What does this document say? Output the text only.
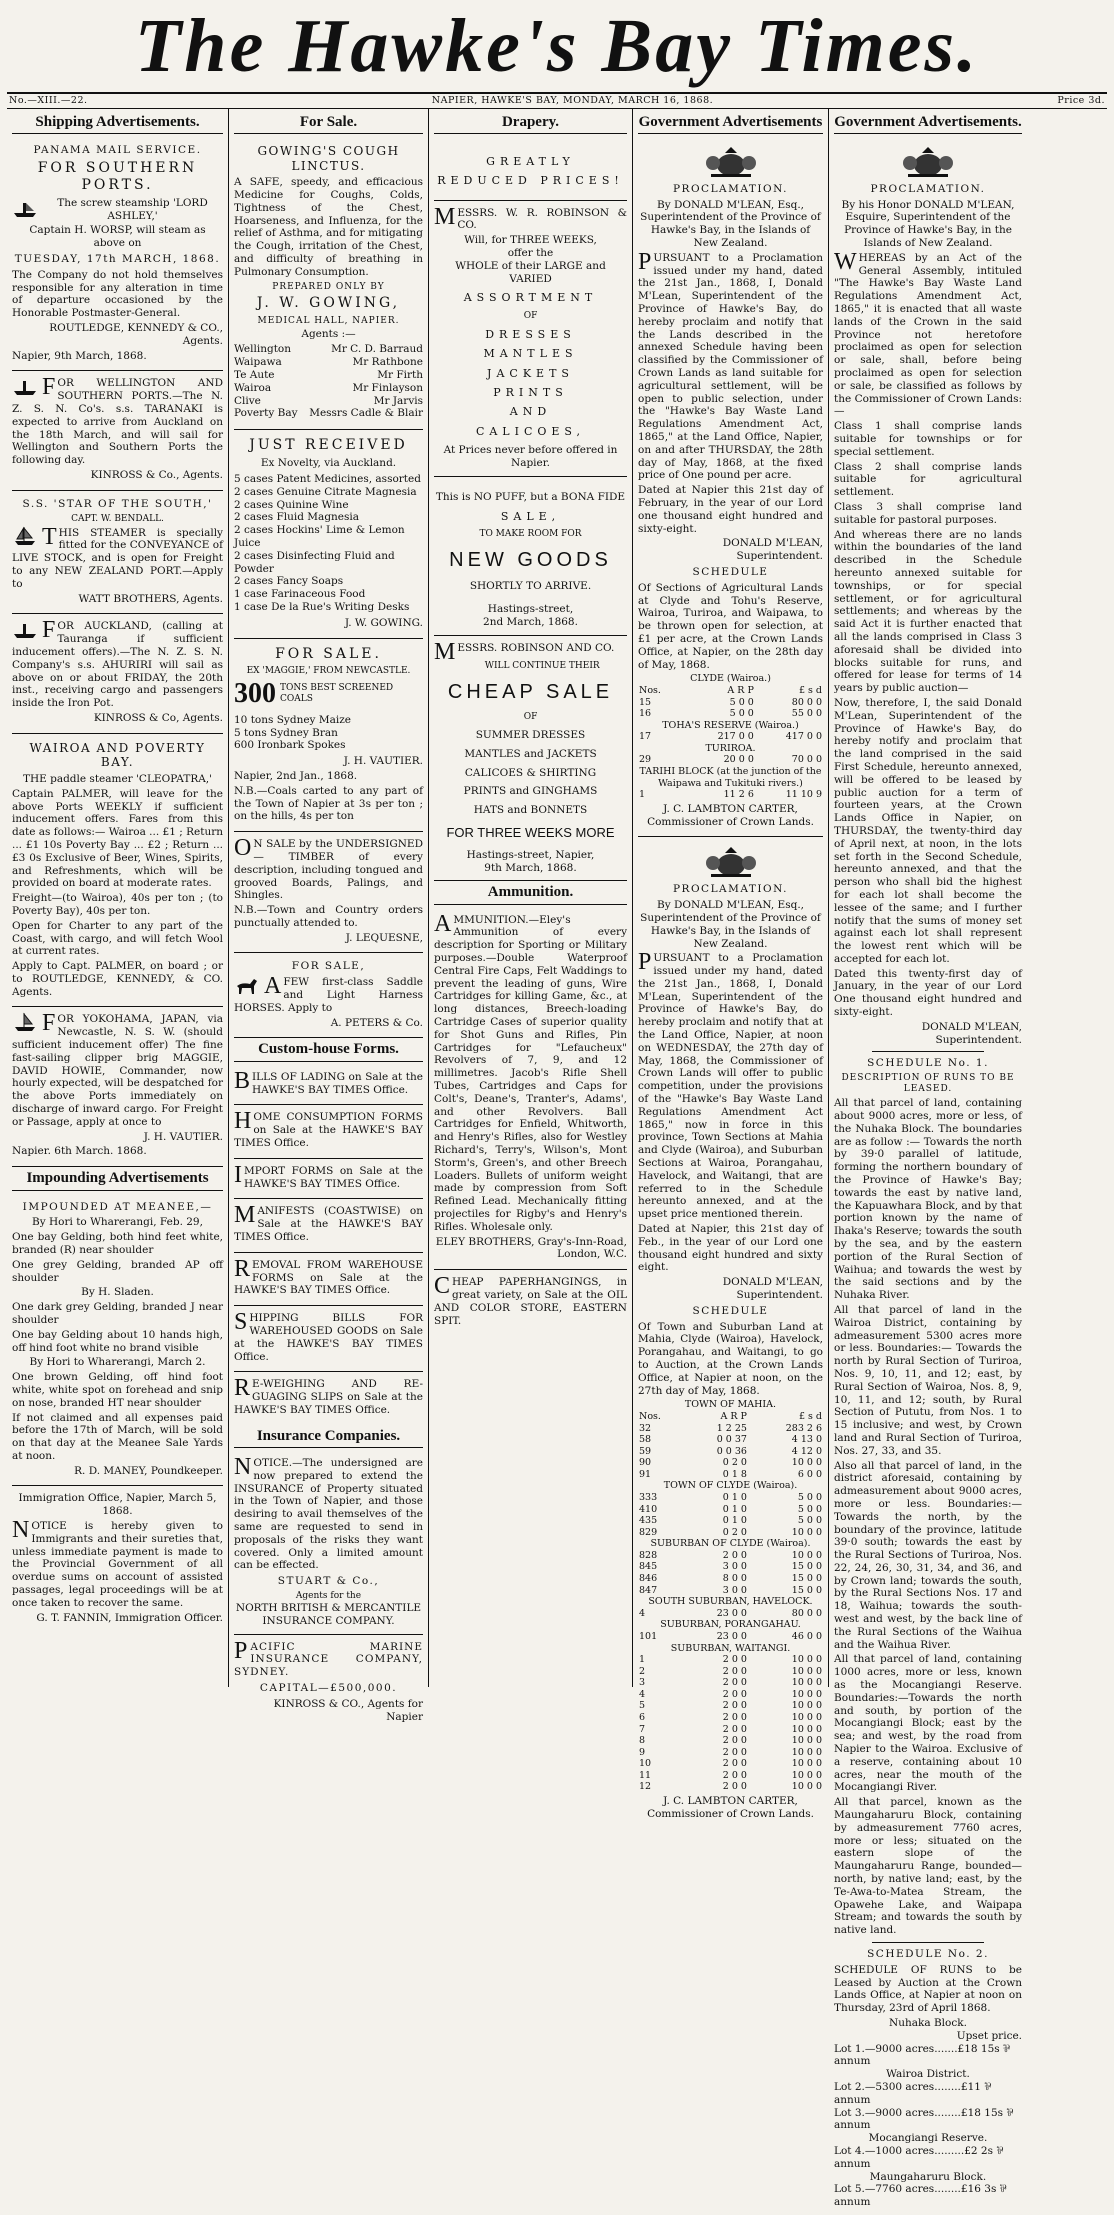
The Hawke's Bay Times.
No.—XIII.—22.	NAPIER, HAWKE'S BAY, MONDAY, MARCH 16, 1868.	Price 3d.
Shipping Advertisements.
PANAMA MAIL SERVICE.
FOR SOUTHERN PORTS.

The screw steamship 'LORD ASHLEY,'

Captain H. WORSP, will steam as above on

TUESDAY, 17th MARCH, 1868.

The Company do not hold themselves responsible for any alteration in time of departure occasioned by the Honorable Postmaster-General.

ROUTLEDGE, KENNEDY & CO., Agents.

Napier, 9th March, 1868.

FOR WELLINGTON AND SOUTHERN PORTS.—The N. Z. S. N. Co's. s.s. TARANAKI is expected to arrive from Auckland on the 18th March, and will sail for Wellington and Southern Ports the following day.

KINROSS & Co., Agents.

S.S. 'STAR OF THE SOUTH,'
CAPT. W. BENDALL.

THIS STEAMER is specially fitted for the CONVEYANCE of LIVE STOCK, and is open for Freight to any NEW ZEALAND PORT.—Apply to

WATT BROTHERS, Agents.

FOR AUCKLAND, (calling at Tauranga if sufficient inducement offers).—The N. Z. S. N. Company's s.s. AHURIRI will sail as above on or about FRIDAY, the 20th inst., receiving cargo and passengers inside the Iron Pot.

KINROSS & Co, Agents.

WAIROA AND POVERTY BAY.

THE paddle steamer 'CLEOPATRA,'

Captain PALMER, will leave for the above Ports WEEKLY if sufficient inducement offers. Fares from this date as follows:— Wairoa ... £1 ; Return ... £1 10s Poverty Bay ... £2 ; Return ... £3 0s Exclusive of Beer, Wines, Spirits, and Refreshments, which will be provided on board at moderate rates.

Freight—(to Wairoa), 40s per ton ; (to Poverty Bay), 40s per ton.

Open for Charter to any part of the Coast, with cargo, and will fetch Wool at current rates.

Apply to Capt. PALMER, on board ; or to ROUTLEDGE, KENNEDY, & CO. Agents.

FOR YOKOHAMA, JAPAN, via Newcastle, N. S. W. (should sufficient inducement offer) The fine fast-sailing clipper brig MAGGIE, DAVID HOWIE, Commander, now hourly expected, will be despatched for the above Ports immediately on discharge of inward cargo. For Freight or Passage, apply at once to

J. H. VAUTIER.

Napier. 6th March. 1868.

Impounding Advertisements
IMPOUNDED AT MEANEE,—

By Hori to Wharerangi, Feb. 29,

One bay Gelding, both hind feet white, branded (R) near shoulder

One grey Gelding, branded AP off shoulder

By H. Sladen.

One dark grey Gelding, branded J near shoulder

One bay Gelding about 10 hands high, off hind foot white no brand visible

By Hori to Wharerangi, March 2.

One brown Gelding, off hind foot white, white spot on forehead and snip on nose, branded HT near shoulder

If not claimed and all expenses paid before the 17th of March, will be sold on that day at the Meanee Sale Yards at noon.

R. D. MANEY, Poundkeeper.

Immigration Office, Napier, March 5, 1868.

NOTICE is hereby given to Immigrants and their sureties that, unless immediate payment is made to the Provincial Government of all overdue sums on account of assisted passages, legal proceedings will be at once taken to recover the same.

G. T. FANNIN, Immigration Officer.

For Sale.
GOWING'S COUGH LINCTUS.

A SAFE, speedy, and efficacious Medicine for Coughs, Colds, Tightness of the Chest, Hoarseness, and Influenza, for the relief of Asthma, and for mitigating the Cough, irritation of the Chest, and difficulty of breathing in Pulmonary Consumption.

PREPARED ONLY BY
J. W. GOWING,
MEDICAL HALL, NAPIER.
Agents :—
Wellington	Mr C. D. Barraud
Waipawa	Mr Rathbone
Te Aute	Mr Firth
Wairoa	Mr Finlayson
Clive	Mr Jarvis
Poverty Bay Messrs Cadle & Blair
JUST RECEIVED
Ex Novelty, via Auckland.
5 cases Patent Medicines, assorted
2 cases Genuine Citrate Magnesia
2 cases Quinine Wine
2 cases Fluid Magnesia
2 cases Hockins' Lime & Lemon Juice
2 cases Disinfecting Fluid and Powder
2 cases Fancy Soaps
1 case Farinaceous Food
1 case De la Rue's Writing Desks

J. W. GOWING.

FOR SALE.
EX 'MAGGIE,' FROM NEWCASTLE.
300 TONS BEST SCREENED COALS
10 tons Sydney Maize
5 tons Sydney Bran
600 Ironbark Spokes

J. H. VAUTIER.

Napier, 2nd Jan., 1868.

N.B.—Coals carted to any part of the Town of Napier at 3s per ton ; on the hills, 4s per ton

ON SALE by the UNDERSIGNED— TIMBER of every description, including tongued and grooved Boards, Palings, and Shingles.

N.B.—Town and Country orders punctually attended to.

J. LEQUESNE,

FOR SALE,

AFEW first-class Saddle and Light Harness HORSES. Apply to

A. PETERS & Co.

Custom-house Forms.

BILLS OF LADING on Sale at the HAWKE'S BAY TIMES Office.

HOME CONSUMPTION FORMS on Sale at the HAWKE'S BAY TIMES Office.

IMPORT FORMS on Sale at the HAWKE'S BAY TIMES Office.

MANIFESTS (COASTWISE) on Sale at the HAWKE'S BAY TIMES Office.

REMOVAL FROM WAREHOUSE FORMS on Sale at the HAWKE'S BAY TIMES Office.

SHIPPING BILLS FOR WAREHOUSED GOODS on Sale at the HAWKE'S BAY TIMES Office.

RE-WEIGHING AND RE-GUAGING SLIPS on Sale at the HAWKE'S BAY TIMES Office.

Insurance Companies.

NOTICE.—The undersigned are now prepared to extend the INSURANCE of Property situated in the Town of Napier, and those desiring to avail themselves of the same are requested to send in proposals of the risks they want covered. Only a limited amount can be effected.

STUART & Co.,
Agents for the
NORTH BRITISH & MERCANTILE INSURANCE COMPANY.

PACIFIC MARINE INSURANCE COMPANY, SYDNEY.

CAPITAL—£500,000.

KINROSS & CO., Agents for Napier

Drapery.
GREATLY
REDUCED PRICES!

MESSRS. W. R. ROBINSON & CO.

Will, for THREE WEEKS,
offer the
WHOLE of their LARGE and VARIED
ASSORTMENT
OF
DRESSES
MANTLES
JACKETS
PRINTS
AND
CALICOES,
At Prices never before offered in Napier.
This is NO PUFF, but a BONA FIDE
SALE,
TO MAKE ROOM FOR
NEW GOODS
SHORTLY TO ARRIVE.
Hastings-street,
2nd March, 1868.

MESSRS. ROBINSON AND CO.

WILL CONTINUE THEIR
CHEAP SALE
OF
SUMMER DRESSES
MANTLES and JACKETS
CALICOES & SHIRTING
PRINTS and GINGHAMS
HATS and BONNETS
FOR THREE WEEKS MORE
Hastings-street, Napier,
9th March, 1868.
Ammunition.

AMMUNITION.—Eley's Ammunition of every description for Sporting or Military purposes.—Double Waterproof Central Fire Caps, Felt Waddings to prevent the leading of guns, Wire Cartridges for killing Game, &c., at long distances, Breech-loading Cartridge Cases of superior quality for Shot Guns and Rifles, Pin Cartridges for "Lefaucheux" Revolvers of 7, 9, and 12 millimetres. Jacob's Rifle Shell Tubes, Cartridges and Caps for Colt's, Deane's, Tranter's, Adams', and other Revolvers. Ball Cartridges for Enfield, Whitworth, and Henry's Rifles, also for Westley Richard's, Terry's, Wilson's, Mont Storm's, Green's, and other Breech Loaders. Bullets of uniform weight made by compression from Soft Refined Lead. Mechanically fitting projectiles for Rigby's and Henry's Rifles. Wholesale only.

ELEY BROTHERS, Gray's-Inn-Road, London, W.C.

CHEAP PAPERHANGINGS, in great variety, on Sale at the OIL AND COLOR STORE, EASTERN SPIT.

Government Advertisements
PROCLAMATION.

By DONALD M'LEAN, Esq., Superintendent of the Province of Hawke's Bay, in the Islands of New Zealand.

PURSUANT to a Proclamation issued under my hand, dated the 21st Jan., 1868, I, Donald M'Lean, Superintendent of the Province of Hawke's Bay, do hereby proclaim and notify that the Lands described in the annexed Schedule having been classified by the Commissioner of Crown Lands as land suitable for agricultural settlement, will be open to public selection, under the "Hawke's Bay Waste Land Regulations Amendment Act, 1865," at the Land Office, Napier, on and after THURSDAY, the 28th day of May, 1868, at the fixed price of One pound per acre.

Dated at Napier this 21st day of February, in the year of our Lord one thousand eight hundred and sixty-eight.

DONALD M'LEAN, Superintendent.

SCHEDULE

Of Sections of Agricultural Lands at Clyde and Tohu's Reserve, Wairoa, Turiroa, and Waipawa, to be thrown open for selection, at £1 per acre, at the Crown Lands Office, at Napier, on the 28th day of May, 1868.

CLYDE (Wairoa.)		
Nos.	A R P	£ s d
15	5 0 0	80 0 0
16	5 0 0	55 0 0
TOHA'S RESERVE (Wairoa.)		
17	217 0 0	417 0 0
TURIROA.		
29	20 0 0	70 0 0
TARIHI BLOCK (at the junction of the Waipawa and Tukituki rivers.)		
1	11 2 6	11 10 9

J. C. LAMBTON CARTER, Commissioner of Crown Lands.

PROCLAMATION.

By DONALD M'LEAN, Esq., Superintendent of the Province of Hawke's Bay, in the Islands of New Zealand.

PURSUANT to a Proclamation issued under my hand, dated the 21st Jan., 1868, I, Donald M'Lean, Superintendent of the Province of Hawke's Bay, do hereby proclaim and notify that at the Land Office, Napier, at noon on WEDNESDAY, the 27th day of May, 1868, the Commissioner of Crown Lands will offer to public competition, under the provisions of the "Hawke's Bay Waste Land Regulations Amendment Act 1865," now in force in this province, Town Sections at Mahia and Clyde (Wairoa), and Suburban Sections at Wairoa, Porangahau, Havelock, and Waitangi, that are referred to in the Schedule hereunto annexed, and at the upset price mentioned therein.

Dated at Napier, this 21st day of Feb., in the year of our Lord one thousand eight hundred and sixty eight.

DONALD M'LEAN, Superintendent.

SCHEDULE

Of Town and Suburban Land at Mahia, Clyde (Wairoa), Havelock, Porangahau, and Waitangi, to go to Auction, at the Crown Lands Office, at Napier at noon, on the 27th day of May, 1868.

TOWN OF MAHIA.		
Nos.	A R P	£ s d
32	1 2 25	283 2 6
58	0 0 37	4 13 0
59	0 0 36	4 12 0
90	0 2 0	10 0 0
91	0 1 8	6 0 0
TOWN OF CLYDE (Wairoa).		
333	0 1 0	5 0 0
410	0 1 0	5 0 0
435	0 1 0	5 0 0
829	0 2 0	10 0 0
SUBURBAN OF CLYDE (Wairoa).		
828	2 0 0	10 0 0
845	3 0 0	15 0 0
846	8 0 0	15 0 0
847	3 0 0	15 0 0
SOUTH SUBURBAN, HAVELOCK.		
4	23 0 0	80 0 0
SUBURBAN, PORANGAHAU.		
101	23 0 0	46 0 0
SUBURBAN, WAITANGI.		
1	2 0 0	10 0 0
2	2 0 0	10 0 0
3	2 0 0	10 0 0
4	2 0 0	10 0 0
5	2 0 0	10 0 0
6	2 0 0	10 0 0
7	2 0 0	10 0 0
8	2 0 0	10 0 0
9	2 0 0	10 0 0
10	2 0 0	10 0 0
11	2 0 0	10 0 0
12	2 0 0	10 0 0

J. C. LAMBTON CARTER, Commissioner of Crown Lands.

Government Advertisements.
PROCLAMATION.

By his Honor DONALD M'LEAN, Esquire, Superintendent of the Province of Hawke's Bay, in the Islands of New Zealand.

WHEREAS by an Act of the General Assembly, intituled "The Hawke's Bay Waste Land Regulations Amendment Act, 1865," it is enacted that all waste lands of the Crown in the said Province not heretofore proclaimed as open for selection or sale, shall, before being proclaimed as open for selection or sale, be classified as follows by the Commissioner of Crown Lands:—

Class 1 shall comprise lands suitable for townships or for special settlement.

Class 2 shall comprise lands suitable for agricultural settlement.

Class 3 shall comprise land suitable for pastoral purposes.

And whereas there are no lands within the boundaries of the land described in the Schedule hereunto annexed suitable for townships, or for special settlement, or for agricultural settlements; and whereas by the said Act it is further enacted that all the lands comprised in Class 3 aforesaid shall be divided into blocks suitable for runs, and offered for lease for terms of 14 years by public auction—

Now, therefore, I, the said Donald M'Lean, Superintendent of the Province of Hawke's Bay, do hereby notify and proclaim that the land comprised in the said First Schedule, hereunto annexed, will be offered to be leased by public auction for a term of fourteen years, at the Crown Lands Office in Napier, on THURSDAY, the twenty-third day of April next, at noon, in the lots set forth in the Second Schedule, hereunto annexed, and that the person who shall bid the highest for each lot shall become the lessee of the same; and I further notify that the sums of money set against each lot shall represent the lowest rent which will be accepted for each lot.

Dated this twenty-first day of January, in the year of our Lord One thousand eight hundred and sixty-eight.

DONALD M'LEAN, Superintendent.

SCHEDULE No. 1.
DESCRIPTION OF RUNS TO BE LEASED.

All that parcel of land, containing about 9000 acres, more or less, of the Nuhaka Block. The boundaries are as follow :— Towards the north by 39·0 parallel of latitude, forming the northern boundary of the Province of Hawke's Bay; towards the east by native land, the Kapuawhara Block, and by that portion known by the name of Ihaka's Reserve; towards the south by the sea, and by the eastern portion of the Rural Section of Waihua; and towards the west by the said sections and by the Nuhaka River.

All that parcel of land in the Wairoa District, containing by admeasurement 5300 acres more or less. Boundaries:— Towards the north by Rural Section of Turiroa, Nos. 9, 10, 11, and 12; east, by Rural Section of Wairoa, Nos. 8, 9, 10, 11, and 12; south, by Rural Section of Pututu, from Nos. 1 to 15 inclusive; and west, by Crown land and Rural Section of Turiroa, Nos. 27, 33, and 35.

Also all that parcel of land, in the district aforesaid, containing by admeasurement about 9000 acres, more or less. Boundaries:—Towards the north, by the boundary of the province, latitude 39·0 south; towards the east by the Rural Sections of Turiroa, Nos. 22, 24, 26, 30, 31, 34, and 36, and by Crown land; towards the south, by the Rural Sections Nos. 17 and 18, Waihua; towards the south-west and west, by the back line of the Rural Sections of the Waihua and the Waihua River.

All that parcel of land, containing 1000 acres, more or less, known as the Mocangiangi Reserve. Boundaries:—Towards the north and south, by portion of the Mocangiangi Block; east by the sea; and west, by the road from Napier to the Wairoa. Exclusive of a reserve, containing about 10 acres, near the mouth of the Mocangiangi River.

All that parcel, known as the Maungaharuru Block, containing by admeasurement 7760 acres, more or less; situated on the eastern slope of the Maungaharuru Range, bounded—north, by native land; east, by the Te-Awa-to-Matea Stream, the Opawehe Lake, and Waipapa Stream; and towards the south by native land.

SCHEDULE No. 2.

SCHEDULE OF RUNS to be Leased by Auction at the Crown Lands Office, at Napier at noon on Thursday, 23rd of April 1868.

Nuhaka Block.
Upset price.
Lot 1.—9000 acres.......£18 15s ⅌ annum
Wairoa District.
Lot 2.—5300 acres........£11 ⅌ annum
Lot 3.—9000 acres........£18 15s ⅌ annum
Mocangiangi Reserve.
Lot 4.—1000 acres.........£2 2s ⅌ annum
Maungaharuru Block.
Lot 5.—7760 acres........£16 3s ⅌ annum
